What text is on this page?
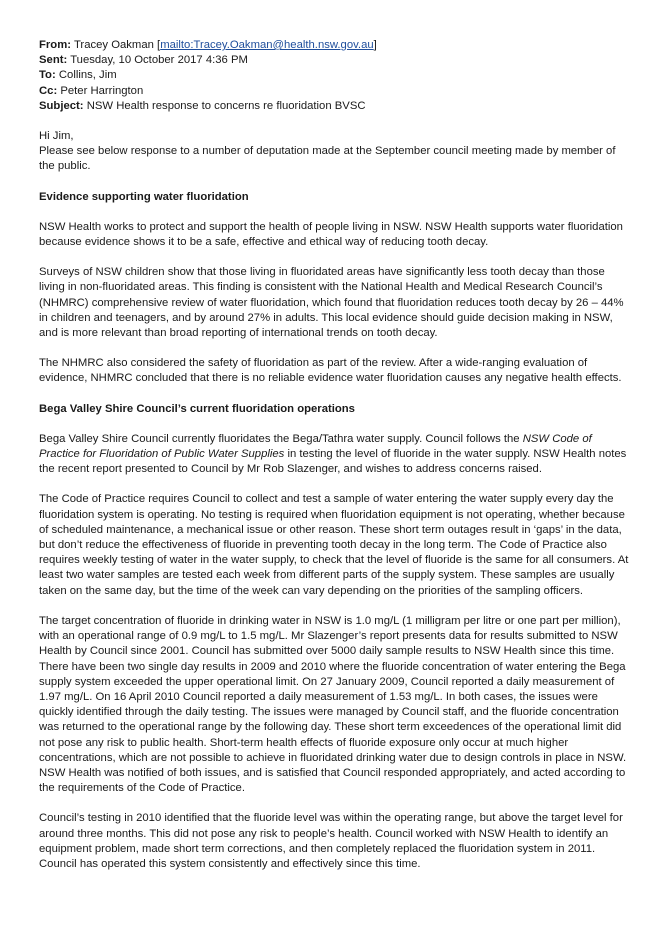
From: Tracey Oakman [mailto:Tracey.Oakman@health.nsw.gov.au]
Sent: Tuesday, 10 October 2017 4:36 PM
To: Collins, Jim
Cc: Peter Harrington
Subject: NSW Health response to concerns re fluoridation BVSC

Hi Jim,

Please see below response to a number of deputation made at the September council meeting made by member of the public.

Evidence supporting water fluoridation

NSW Health works to protect and support the health of people living in NSW. NSW Health supports water fluoridation because evidence shows it to be a safe, effective and ethical way of reducing tooth decay.

Surveys of NSW children show that those living in fluoridated areas have significantly less tooth decay than those living in non-fluoridated areas. This finding is consistent with the National Health and Medical Research Council’s (NHMRC) comprehensive review of water fluoridation, which found that fluoridation reduces tooth decay by 26 – 44% in children and teenagers, and by around 27% in adults. This local evidence should guide decision making in NSW, and is more relevant than broad reporting of international trends on tooth decay.

The NHMRC also considered the safety of fluoridation as part of the review. After a wide-ranging evaluation of evidence, NHMRC concluded that there is no reliable evidence water fluoridation causes any negative health effects.

Bega Valley Shire Council’s current fluoridation operations

Bega Valley Shire Council currently fluoridates the Bega/Tathra water supply. Council follows the NSW Code of Practice for Fluoridation of Public Water Supplies in testing the level of fluoride in the water supply. NSW Health notes the recent report presented to Council by Mr Rob Slazenger, and wishes to address concerns raised.

The Code of Practice requires Council to collect and test a sample of water entering the water supply every day the fluoridation system is operating. No testing is required when fluoridation equipment is not operating, whether because of scheduled maintenance, a mechanical issue or other reason. These short term outages result in ‘gaps’ in the data, but don’t reduce the effectiveness of fluoride in preventing tooth decay in the long term. The Code of Practice also requires weekly testing of water in the water supply, to check that the level of fluoride is the same for all consumers. At least two water samples are tested each week from different parts of the supply system. These samples are usually taken on the same day, but the time of the week can vary depending on the priorities of the sampling officers.

The target concentration of fluoride in drinking water in NSW is 1.0 mg/L (1 milligram per litre or one part per million), with an operational range of 0.9 mg/L to 1.5 mg/L. Mr Slazenger’s report presents data for results submitted to NSW Health by Council since 2001. Council has submitted over 5000 daily sample results to NSW Health since this time. There have been two single day results in 2009 and 2010 where the fluoride concentration of water entering the Bega supply system exceeded the upper operational limit. On 27 January 2009, Council reported a daily measurement of 1.97 mg/L. On 16 April 2010 Council reported a daily measurement of 1.53 mg/L. In both cases, the issues were quickly identified through the daily testing. The issues were managed by Council staff, and the fluoride concentration was returned to the operational range by the following day. These short term exceedences of the operational limit did not pose any risk to public health. Short-term health effects of fluoride exposure only occur at much higher concentrations, which are not possible to achieve in fluoridated drinking water due to design controls in place in NSW. NSW Health was notified of both issues, and is satisfied that Council responded appropriately, and acted according to the requirements of the Code of Practice.

Council’s testing in 2010 identified that the fluoride level was within the operating range, but above the target level for around three months. This did not pose any risk to people’s health. Council worked with NSW Health to identify an equipment problem, made short term corrections, and then completely replaced the fluoridation system in 2011. Council has operated this system consistently and effectively since this time.
